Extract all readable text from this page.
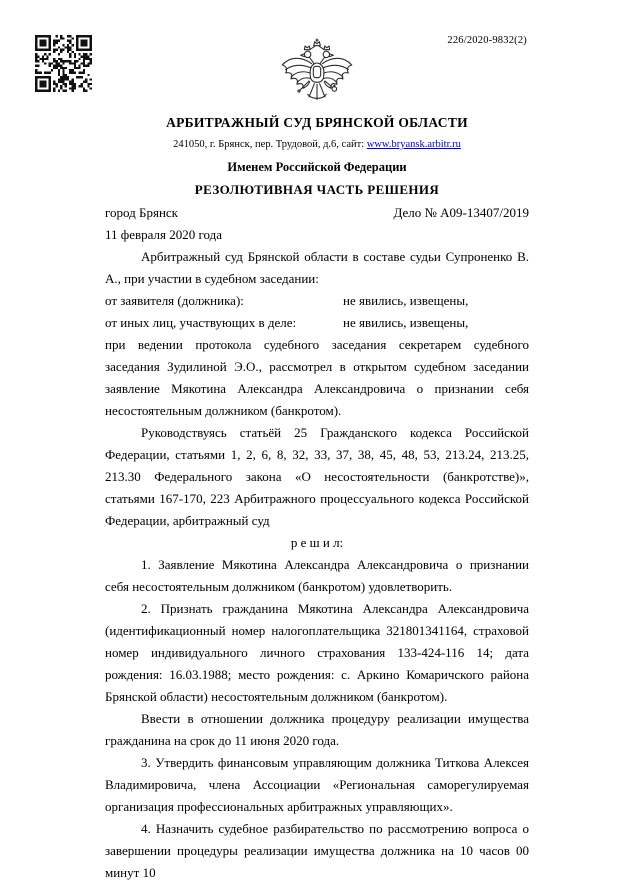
226/2020-9832(2)
АРБИТРАЖНЫЙ СУД БРЯНСКОЙ ОБЛАСТИ
241050, г. Брянск, пер. Трудовой, д.6, сайт: www.bryansk.arbitr.ru
Именем Российской Федерации
РЕЗОЛЮТИВНАЯ ЧАСТЬ РЕШЕНИЯ
город Брянск	Дело № А09-13407/2019
11 февраля 2020 года

Арбитражный суд Брянской области в составе судьи Супроненко В. А., при участии в судебном заседании:

от заявителя (должника):	не явились, извещены,
от иных лиц, участвующих в деле:	не явились, извещены,

при ведении протокола судебного заседания секретарем судебного заседания Зудилиной Э.О., рассмотрел в открытом судебном заседании заявление Мякотина Александра Александровича о признании себя несостоятельным должником (банкротом).

Руководствуясь статьёй 25 Гражданского кодекса Российской Федерации, статьями 1, 2, 6, 8, 32, 33, 37, 38, 45, 48, 53, 213.24, 213.25, 213.30 Федерального закона «О несостоятельности (банкротстве)», статьями 167-170, 223 Арбитражного процессуального кодекса Российской Федерации, арбитражный суд

р е ш и л:

1. Заявление Мякотина Александра Александровича о признании себя несостоятельным должником (банкротом) удовлетворить.

2. Признать гражданина Мякотина Александра Александровича (идентификационный номер налогоплательщика 321801341164, страховой номер индивидуального личного страхования 133-424-116 14; дата рождения: 16.03.1988; место рождения: с. Аркино Комаричского района Брянской области) несостоятельным должником (банкротом).

Ввести в отношении должника процедуру реализации имущества гражданина на срок до 11 июня 2020 года.

3. Утвердить финансовым управляющим должника Титкова Алексея Владимировича, члена Ассоциации «Региональная саморегулируемая организация профессиональных арбитражных управляющих».

4. Назначить судебное разбирательство по рассмотрению вопроса о завершении процедуры реализации имущества должника на 10 часов 00 минут 10
